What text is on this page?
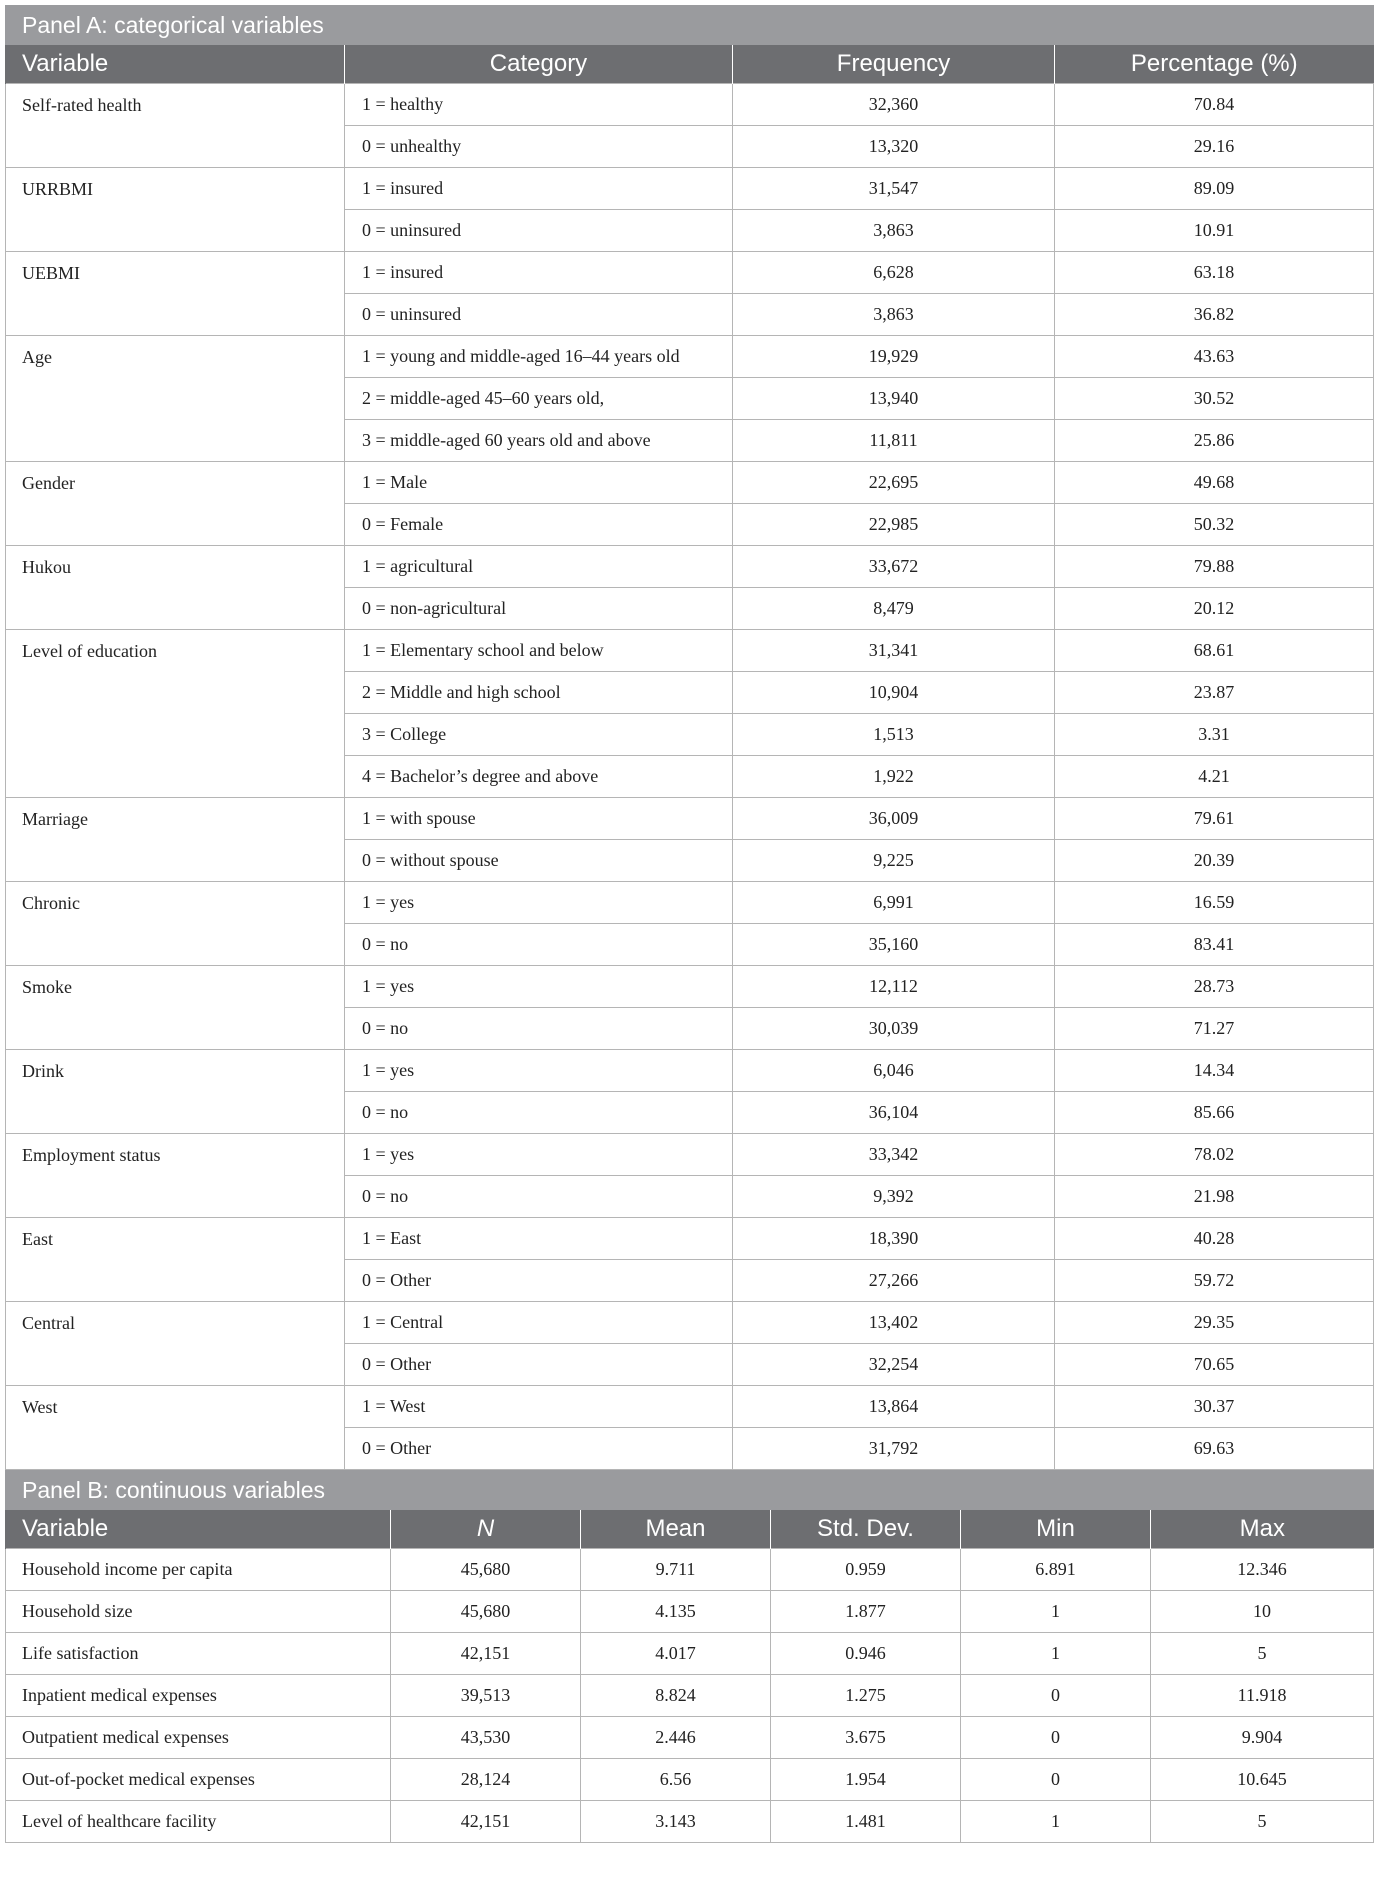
Panel A: categorical variables			
Variable	Category	Frequency	Percentage (%)
Self-rated health	1 = healthy	32,360	70.84
	0 = unhealthy	13,320	29.16
URRBMI	1 = insured	31,547	89.09
	0 = uninsured	3,863	10.91
UEBMI	1 = insured	6,628	63.18
	0 = uninsured	3,863	36.82
Age	1 = young and middle-aged 16–44 years old	19,929	43.63
	2 = middle-aged 45–60 years old,	13,940	30.52
	3 = middle-aged 60 years old and above	11,811	25.86
Gender	1 = Male	22,695	49.68
	0 = Female	22,985	50.32
Hukou	1 = agricultural	33,672	79.88
	0 = non-agricultural	8,479	20.12
Level of education	1 = Elementary school and below	31,341	68.61
	2 = Middle and high school	10,904	23.87
	3 = College	1,513	3.31
	4 = Bachelor’s degree and above	1,922	4.21
Marriage	1 = with spouse	36,009	79.61
	0 = without spouse	9,225	20.39
Chronic	1 = yes	6,991	16.59
	0 = no	35,160	83.41
Smoke	1 = yes	12,112	28.73
	0 = no	30,039	71.27
Drink	1 = yes	6,046	14.34
	0 = no	36,104	85.66
Employment status	1 = yes	33,342	78.02
	0 = no	9,392	21.98
East	1 = East	18,390	40.28
	0 = Other	27,266	59.72
Central	1 = Central	13,402	29.35
	0 = Other	32,254	70.65
West	1 = West	13,864	30.37
	0 = Other	31,792	69.63
Panel B: continuous variables					
Variable	N	Mean	Std. Dev.	Min	Max
Household income per capita	45,680	9.711	0.959	6.891	12.346
Household size	45,680	4.135	1.877	1	10
Life satisfaction	42,151	4.017	0.946	1	5
Inpatient medical expenses	39,513	8.824	1.275	0	11.918
Outpatient medical expenses	43,530	2.446	3.675	0	9.904
Out-of-pocket medical expenses	28,124	6.56	1.954	0	10.645
Level of healthcare facility	42,151	3.143	1.481	1	5
